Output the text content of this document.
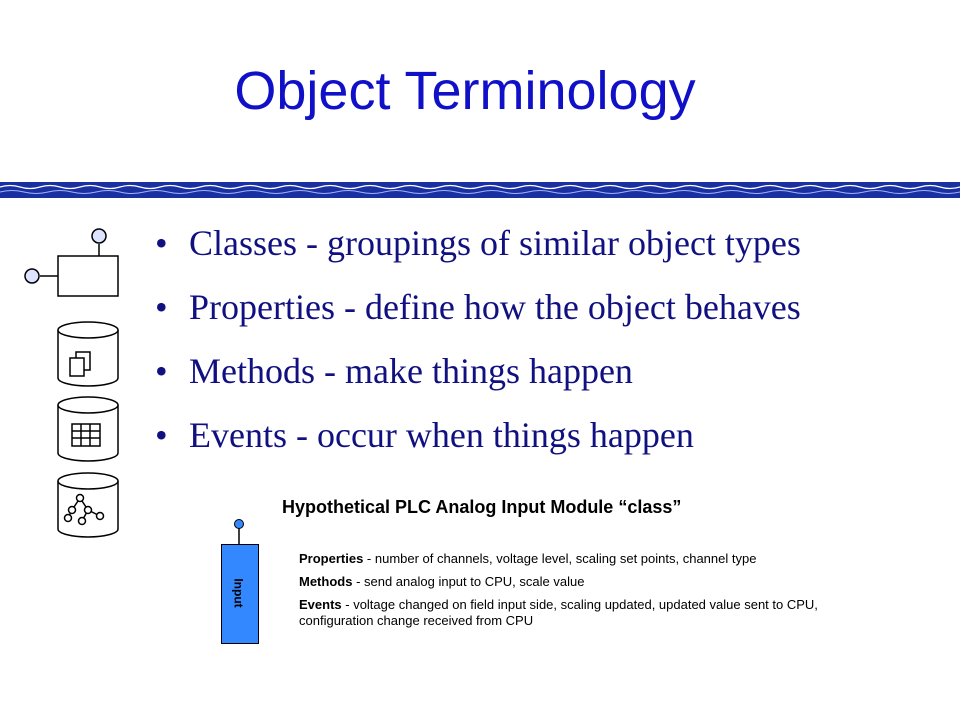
Object Terminology
• Classes - groupings of similar object types
• Properties - define how the object behaves
• Methods - make things happen
• Events - occur when things happen
Hypothetical PLC Analog Input Module “class”
Input

Properties - number of channels, voltage level, scaling set points, channel type

Methods - send analog input to CPU, scale value

Events - voltage changed on field input side, scaling updated, updated value sent to CPU, configuration change received from CPU
